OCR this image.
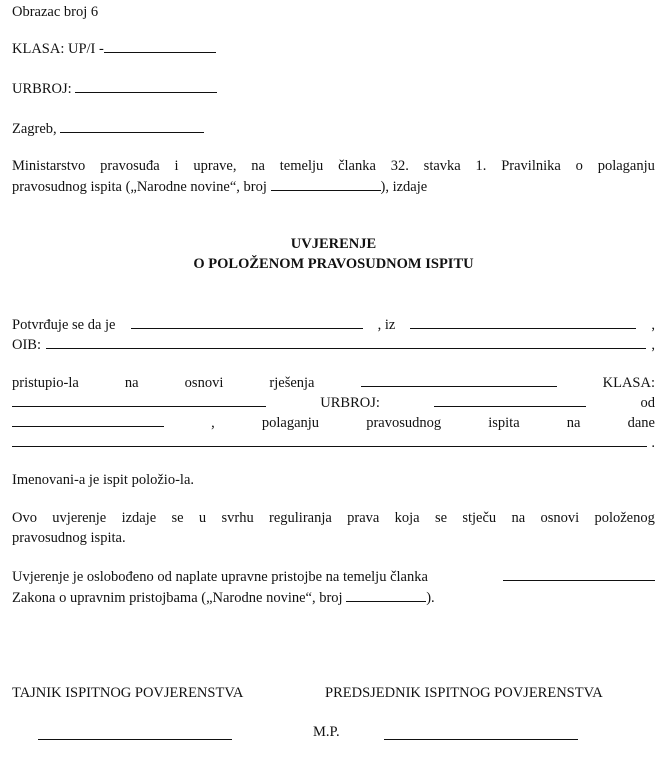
Obrazac broj 6
KLASA: UP/I -
URBROJ:
Zagreb,
Ministarstvo pravosuđa i uprave, na temelju članka 32. stavka 1. Pravilnika o polaganju
pravosudnog ispita („Narodne novine“, broj	), izdaje
UVJERENJE
O POLOŽENOM PRAVOSUDNOM ISPITU
Potvrđuje se da je	, iz	,
OIB:	,
pristupio-la	na	osnovi	rješenja	KLASA:
URBROJ:	od
,	polaganju	pravosudnog	ispita	na	dane
.
Imenovani-a je ispit položio-la.
Ovo uvjerenje izdaje se u svrhu reguliranja prava koja se stječu na osnovi položenog
pravosudnog ispita.
Uvjerenje je oslobođeno od naplate upravne pristojbe na temelju članka
Zakona o upravnim pristojbama („Narodne novine“, broj	).
TAJNIK ISPITNOG POVJERENSTVA	PREDSJEDNIK ISPITNOG POVJERENSTVA
M.P.
